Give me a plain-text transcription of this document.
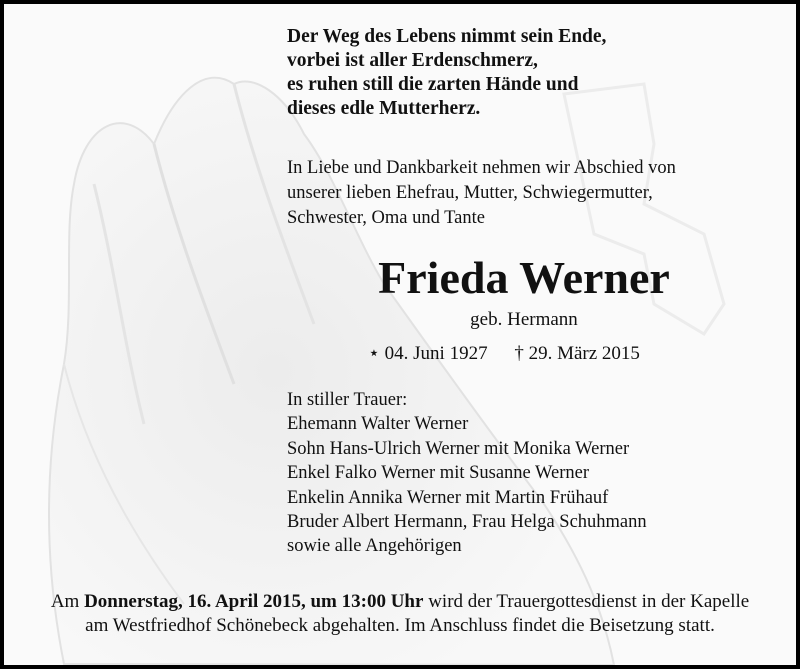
Der Weg des Lebens nimmt sein Ende,
vorbei ist aller Erdenschmerz,
es ruhen still die zarten Hände und
dieses edle Mutterherz.
In Liebe und Dankbarkeit nehmen wir Abschied von
unserer lieben Ehefrau, Mutter, Schwiegermutter,
Schwester, Oma und Tante
Frieda Werner
geb. Hermann
⋆ 04. Juni 1927 † 29. März 2015
In stiller Trauer:
Ehemann Walter Werner
Sohn Hans-Ulrich Werner mit Monika Werner
Enkel Falko Werner mit Susanne Werner
Enkelin Annika Werner mit Martin Frühauf
Bruder Albert Hermann, Frau Helga Schuhmann
sowie alle Angehörigen
Am Donnerstag, 16. April 2015, um 13:00 Uhr wird der Trauergottesdienst in der Kapelle
am Westfriedhof Schönebeck abgehalten. Im Anschluss findet die Beisetzung statt.
